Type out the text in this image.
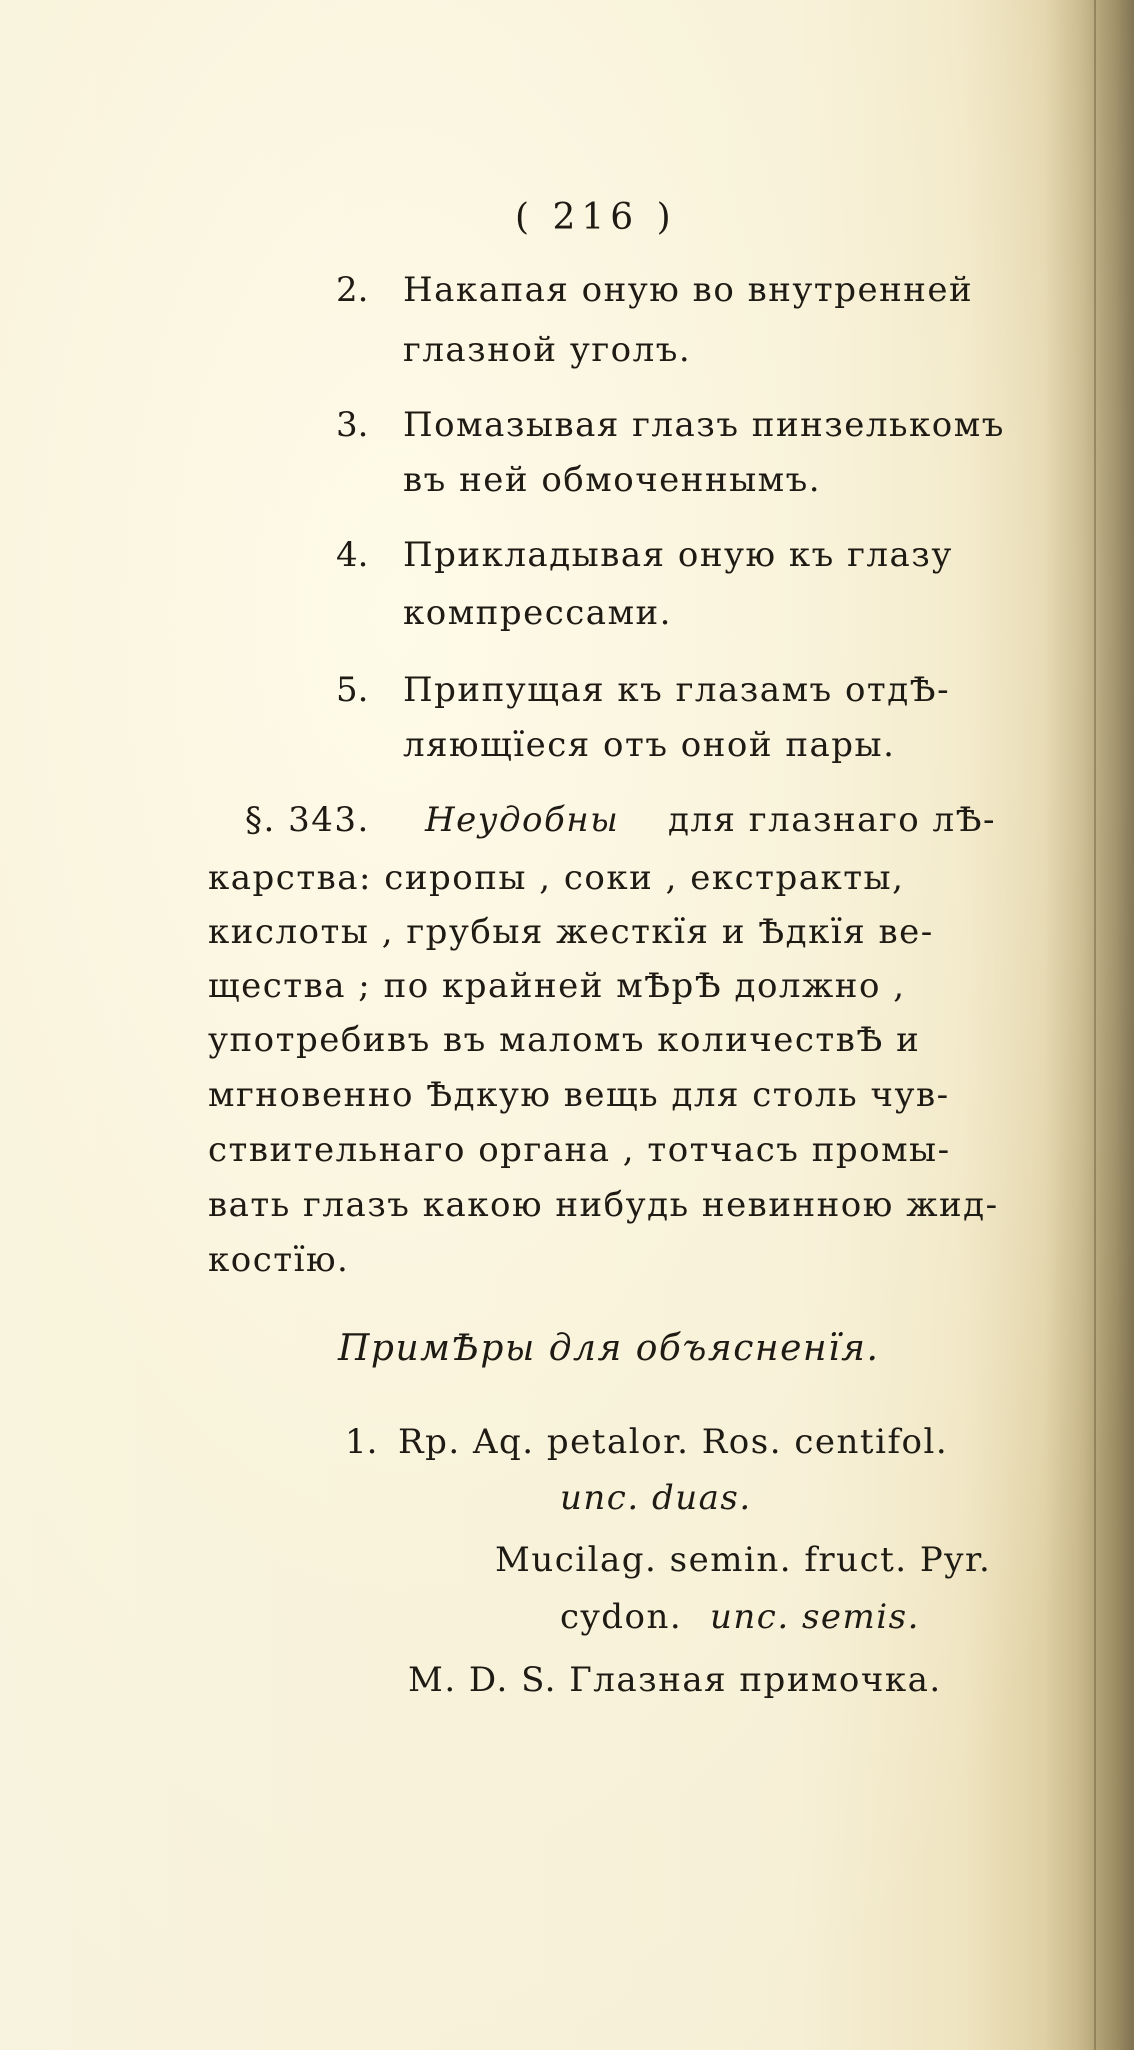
( 216 )
2. Накапая оную во внутренней
глазной уголъ.
3. Помазывая глазъ пинзелькомъ
въ ней обмоченнымъ.
4. Прикладывая оную къ глазу
компрессами.
5. Припущая къ глазамъ отдѢ-
ляющїеся отъ оной пары.
§. 343. Неудобны для глазнаго лѢ-
карства: сиропы , соки , екстракты,
кислоты , грубыя жесткїя и Ѣдкїя ве-
щества ; по крайней мѢрѢ должно ,
употребивъ въ маломъ количествѢ и
мгновенно Ѣдкую вещь для столь чув-
ствительнаго органа , тотчасъ промы-
вать глазъ какою нибудь невинною жид-
костїю.
ПримѢры для объясненїя.
1. Rp. Aq. petalor. Ros. centifol.
unc. duas.
Mucilag. semin. fruct. Pyr.
cydon. unc. semis.
M. D. S. Глазная примочка.
